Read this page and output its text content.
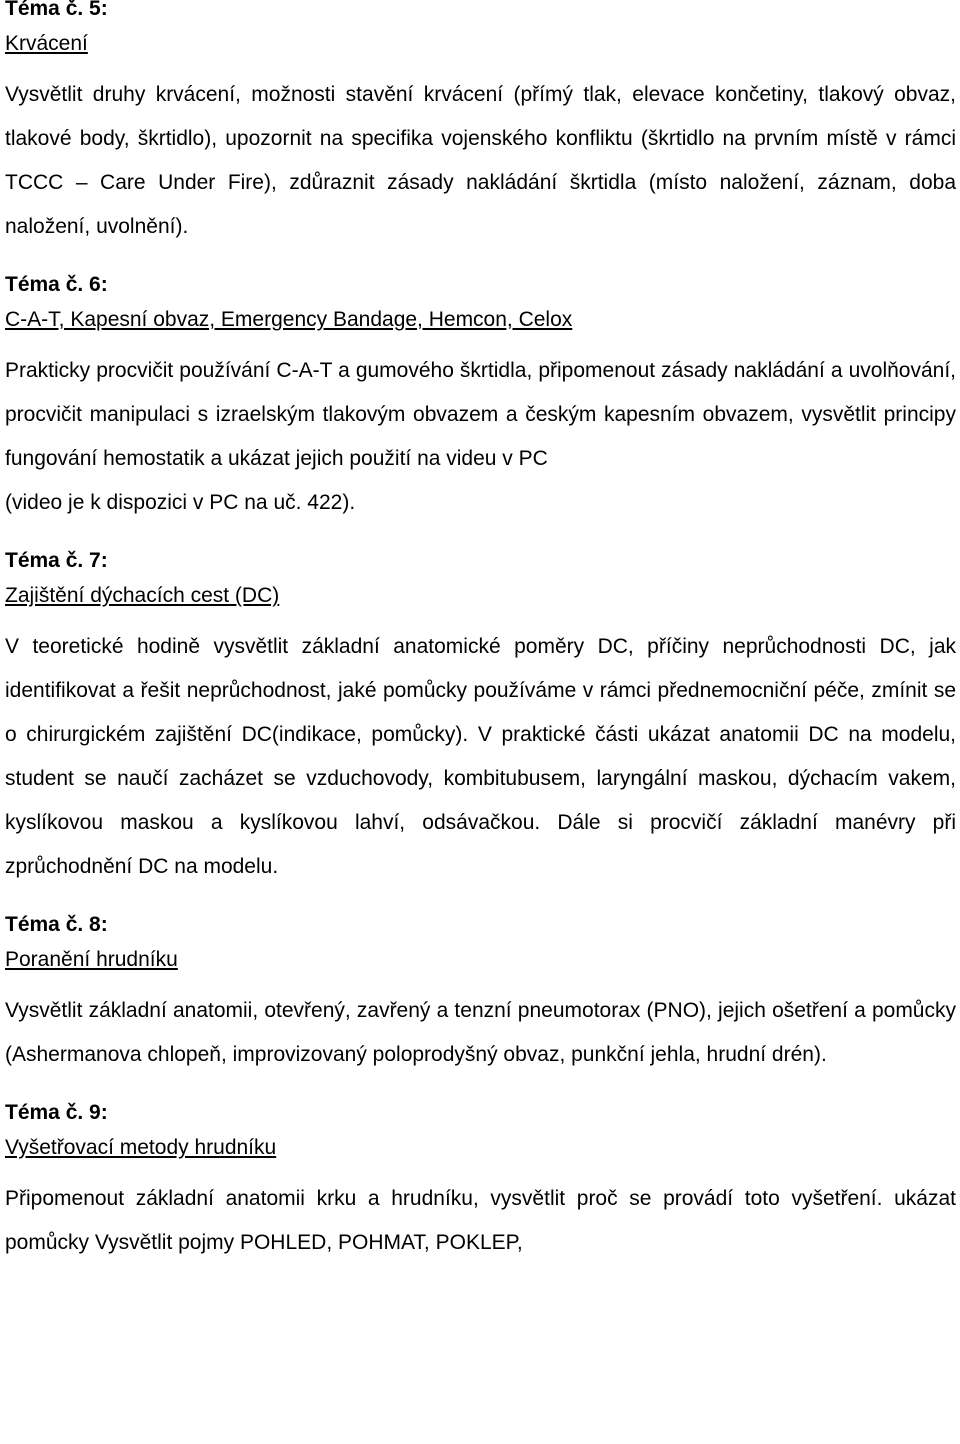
Téma č. 5:
Krvácení

Vysvětlit druhy krvácení, možnosti stavění krvácení (přímý tlak, elevace končetiny, tlakový obvaz, tlakové body, škrtidlo), upozornit na specifika vojenského konfliktu (škrtidlo na prvním místě v rámci TCCC – Care Under Fire), zdůraznit zásady nakládání škrtidla (místo naložení, záznam, doba naložení, uvolnění).

Téma č. 6:
C-A-T, Kapesní obvaz, Emergency Bandage, Hemcon, Celox

Prakticky procvičit používání C-A-T a gumového škrtidla, připomenout zásady nakládání a uvolňování, procvičit manipulaci s izraelským tlakovým obvazem a českým kapesním obvazem, vysvětlit principy fungování hemostatik a ukázat jejich použití na videu v PC

(video je k dispozici v PC na uč. 422).

Téma č. 7:
Zajištění dýchacích cest (DC)

V teoretické hodině vysvětlit základní anatomické poměry DC, příčiny neprůchodnosti DC, jak identifikovat a řešit neprůchodnost, jaké pomůcky používáme v rámci přednemocniční péče, zmínit se o chirurgickém zajištění DC(indikace, pomůcky). V praktické části ukázat anatomii DC na modelu, student se naučí zacházet se vzduchovody, kombitubusem, laryngální maskou, dýchacím vakem, kyslíkovou maskou a kyslíkovou lahví, odsávačkou. Dále si procvičí základní manévry při zprůchodnění DC na modelu.

Téma č. 8:
Poranění hrudníku

Vysvětlit základní anatomii, otevřený, zavřený a tenzní pneumotorax (PNO), jejich ošetření a pomůcky (Ashermanova chlopeň, improvizovaný poloprodyšný obvaz, punkční jehla, hrudní drén).

Téma č. 9:
Vyšetřovací metody hrudníku

Připomenout základní anatomii krku a hrudníku, vysvětlit proč se provádí toto vyšetření. ukázat pomůcky Vysvětlit pojmy POHLED, POHMAT, POKLEP,
